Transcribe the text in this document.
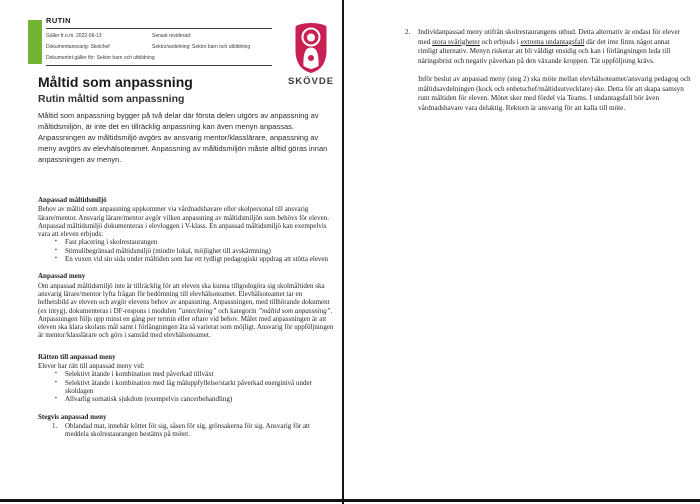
RUTIN
Gäller fr.o.m. 2022-06-13	Senast reviderad:
Dokumentansvarig: Skolchef	Sektor/avdelning: Sektor barn och utbildning
Dokumentet gäller för: Sektor barn och utbildning
SKÖVDE
Måltid som anpassning
Rutin måltid som anpassning
Måltid som anpassning bygger på två delar där första delen utgörs av anpassning av måltidsmiljön, är inte det en tillräcklig anpassning kan även menyn anpassas. Anpassningen av måltidsmiljö avgörs av ansvarig mentor/klasslärare, anpassning av meny avgörs av elevhälsoteamet. Anpassning av måltidsmiljön måste alltid göras innan anpassningen av menyn.
Anpassad måltidsmiljö

Behov av måltid som anpassning uppkommer via vårdnadshavare eller skolpersonal till ansvarig lärare/mentor. Ansvarig lärare/mentor avgör vilken anpassning av måltidsmiljön som behövs för eleven. Anpassad måltidsmiljö dokumenteras i elevloggen i V-klass. En anpassad måltidsmiljö kan exempelvis vara att eleven erbjuds:

▪ Fast placering i skolrestaurangen
▪ Stimulibegränsad måltidsmiljö (mindre lokal, möjlighet till avskärmning)
▪ En vuxen vid sin sida under måltiden som har ett tydligt pedagogiskt uppdrag att stötta eleven
Anpassad meny

Om anpassad måltidsmiljö inte är tillräcklig för att eleven ska kunna tillgodogöra sig skolmåltiden ska ansvarig lärare/mentor lyfta frågan för bedömning till elevhälsoteamet. Elevhälsoteamet tar en helhetsbild av eleven och avgör elevens behov av anpassning. Anpassningen, med tillhörande dokument (ex intyg), dokumenteras i DF-respons i modulen ”anteckning” och kategorin ”måltid som anpassning”. Anpassningen följs upp minst en gång per termin eller oftare vid behov. Målet med anpassningen är att eleven ska klara skolans mål samt i förlängningen äta så varierat som möjligt. Ansvarig för uppföljningen är mentor/klasslärare och görs i samråd med elevhälsoteamet.

Rätten till anpassad meny

Elever har rätt till anpassad meny vid:

▪ Selektivt ätande i kombination med påverkad tillväxt
▪ Selektivt ätande i kombination med låg måluppfyllelse/starkt påverkad energinivå under skoldagen
▪ Allvarlig somatisk sjukdom (exempelvis cancerbehandling)
Stegvis anpassad meny
1. Oblandad mat, innebär köttet för sig, såsen för sig, grönsakerna för sig. Ansvarig för att meddela skolrestaurangen bestäms på mötet.
2. Individanpassad meny utifrån skolrestaurangens utbud. Detta alternativ är endast för elever med stora svårigheter och erbjuds i extrema undantagsfall där det inte finns något annat rimligt alternativ. Menyn riskerar att bli väldigt ensidig och kan i förlängningen leda till näringsbrist och negativ påverkan på den växande kroppen. Tät uppföljning krävs.

Inför beslut av anpassad meny (steg 2) ska möte mellan elevhälsoteamet/ansvarig pedagog och måltidsavdelningen (kock och enhetschef/måltidsutvecklare) ske. Detta för att skapa samsyn runt måltiden för eleven. Mötet sker med fördel via Teams. I undantagsfall bör även vårdnadshavare vara delaktig. Rektorn är ansvarig för att kalla till möte.
